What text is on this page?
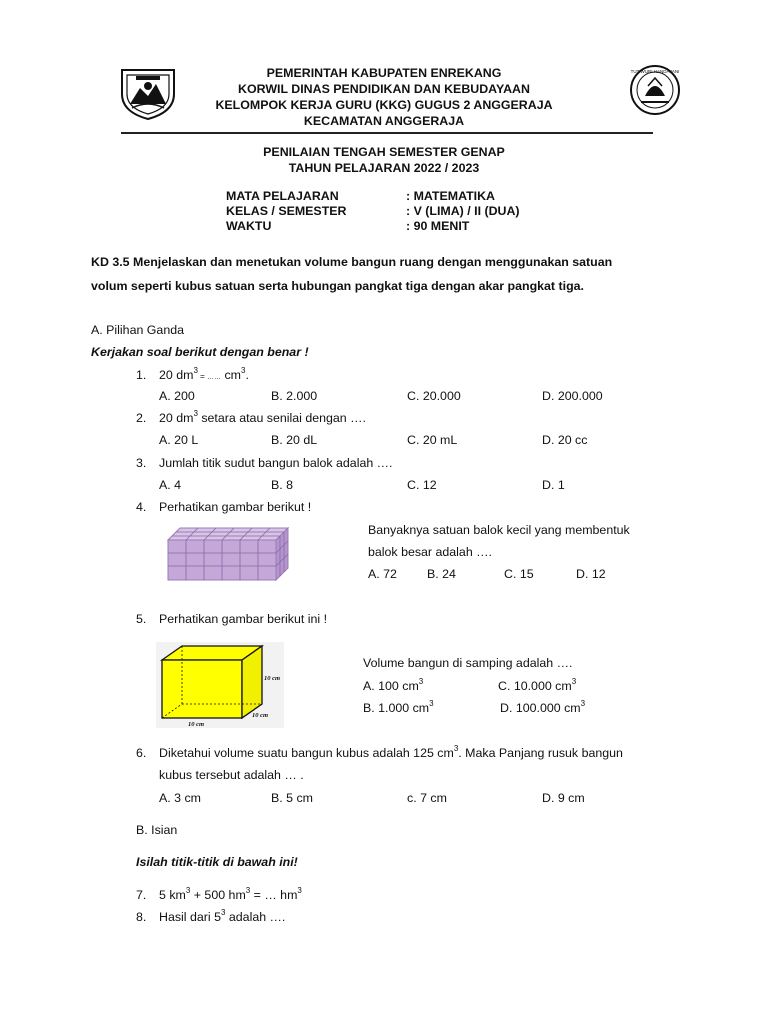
TUT WURI HANDAYANI
PEMERINTAH KABUPATEN ENREKANG
KORWIL DINAS PENDIDIKAN DAN KEBUDAYAAN
KELOMPOK KERJA GURU (KKG) GUGUS 2 ANGGERAJA
KECAMATAN ANGGERAJA
PENILAIAN TENGAH SEMESTER GENAP
TAHUN PELAJARAN 2022 / 2023
MATA PELAJARAN	: MATEMATIKA
KELAS / SEMESTER	: V (LIMA) / II (DUA)
WAKTU	: 90 MENIT
KD 3.5 Menjelaskan dan menetukan volume bangun ruang dengan menggunakan satuan
volum seperti kubus satuan serta hubungan pangkat tiga dengan akar pangkat tiga.
A. Pilihan Ganda
Kerjakan soal berikut dengan benar !
1. 20 $dm^3$ = …… $cm^3$.
A. 200	B. 2.000	C. 20.000	D. 200.000
2. 20 $dm^3$ setara atau senilai dengan ….
A. 20 L	B. 20 dL	C. 20 mL	D. 20 cc
3. Jumlah titik sudut bangun balok adalah ….
A. 4	B. 8	C. 12	D. 1
4. Perhatikan gambar berikut !
Banyaknya satuan balok kecil yang membentuk
balok besar adalah ….
A. 72 B. 24	C. 15	D. 12
5. Perhatikan gambar berikut ini !
10 cm
10 cm
10 cm
Volume bangun di samping adalah ….
A. 100 $cm^3$	C. 10.000 $cm^3$
B. 1.000 $cm^3$	D. 100.000 $cm^3$
6. Diketahui volume suatu bangun kubus adalah 125 $cm^3$. Maka Panjang rusuk bangun
kubus tersebut adalah … .
A. 3 cm	B. 5 cm	c. 7 cm	D. 9 cm
B. Isian
Isilah titik-titik di bawah ini!
7. 5 $km^3 + 500$ $hm^3$ = … $hm^3$
8. Hasil dari $5^3$ adalah ….
